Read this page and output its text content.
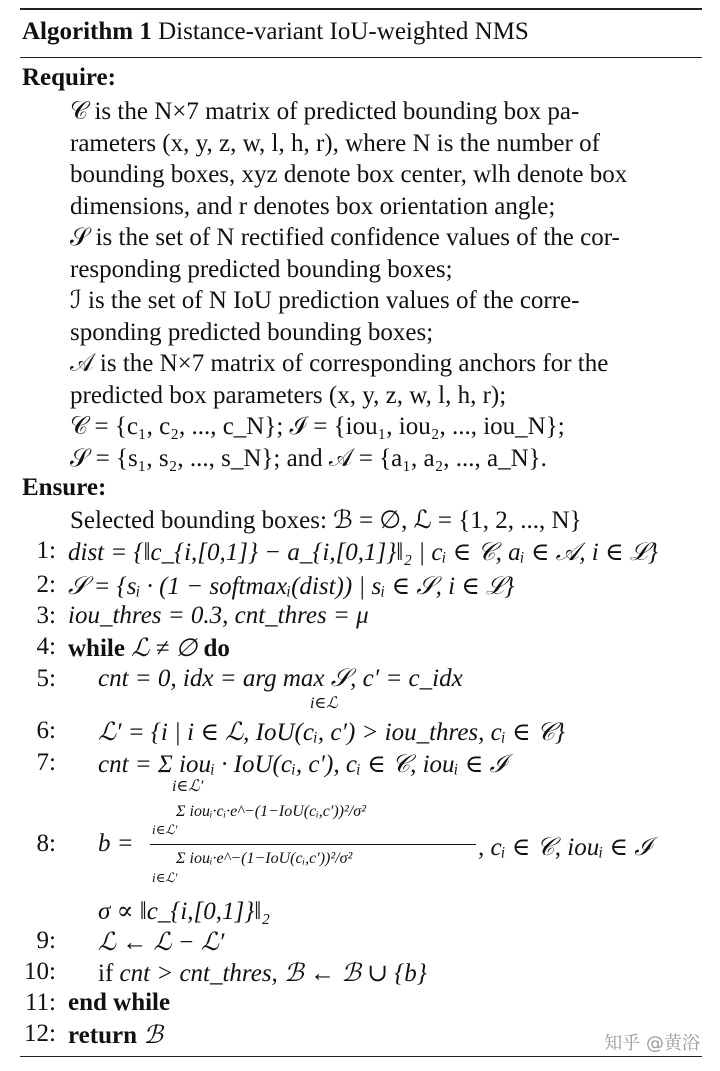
Algorithm 1 Distance-variant IoU-weighted NMS
Require:
𝒞 is the N×7 matrix of predicted bounding box pa-
rameters (x, y, z, w, l, h, r), where N is the number of
bounding boxes, xyz denote box center, wlh denote box
dimensions, and r denotes box orientation angle;
𝒮 is the set of N rectified confidence values of the cor-
responding predicted bounding boxes;
ℐ is the set of N IoU prediction values of the corre-
sponding predicted bounding boxes;
𝒜 is the N×7 matrix of corresponding anchors for the
predicted box parameters (x, y, z, w, l, h, r);
𝒞 = {c₁, c₂, ..., c_N}; ℐ = {iou₁, iou₂, ..., iou_N};
𝒮 = {s₁, s₂, ..., s_N}; and 𝒜 = {a₁, a₂, ..., a_N}.
Ensure:
Selected bounding boxes: ℬ = ∅, ℒ = {1, 2, ..., N}
1: dist = {‖c_{i,[0,1]} − a_{i,[0,1]}‖₂ | cᵢ ∈ 𝒞, aᵢ ∈ 𝒜, i ∈ ℒ}
2: 𝒮 = {sᵢ · (1 − softmaxᵢ(dist)) | sᵢ ∈ 𝒮, i ∈ ℒ}
3: iou_thres = 0.3, cnt_thres = μ
4: while ℒ ≠ ∅ do
5: cnt = 0, idx = arg max 𝒮, c′ = c_idx
i∈ℒ
6: ℒ′ = {i | i ∈ ℒ, IoU(cᵢ, c′) > iou_thres, cᵢ ∈ 𝒞}
7: cnt = Σ iouᵢ · IoU(cᵢ, c′), cᵢ ∈ 𝒞, iouᵢ ∈ ℐ
i∈ℒ′
8: b =
Σ iouᵢ·cᵢ·e^−(1−IoU(cᵢ,c′))²/σ²
i∈ℒ′
Σ iouᵢ·e^−(1−IoU(cᵢ,c′))²/σ²
i∈ℒ′
, cᵢ ∈ 𝒞, iouᵢ ∈ ℐ
σ ∝ ‖c_{i,[0,1]}‖₂
9: ℒ ← ℒ − ℒ′
10: if cnt > cnt_thres, ℬ ← ℬ ∪ {b}
11: end while
12: return ℬ	知乎 @黄浴
